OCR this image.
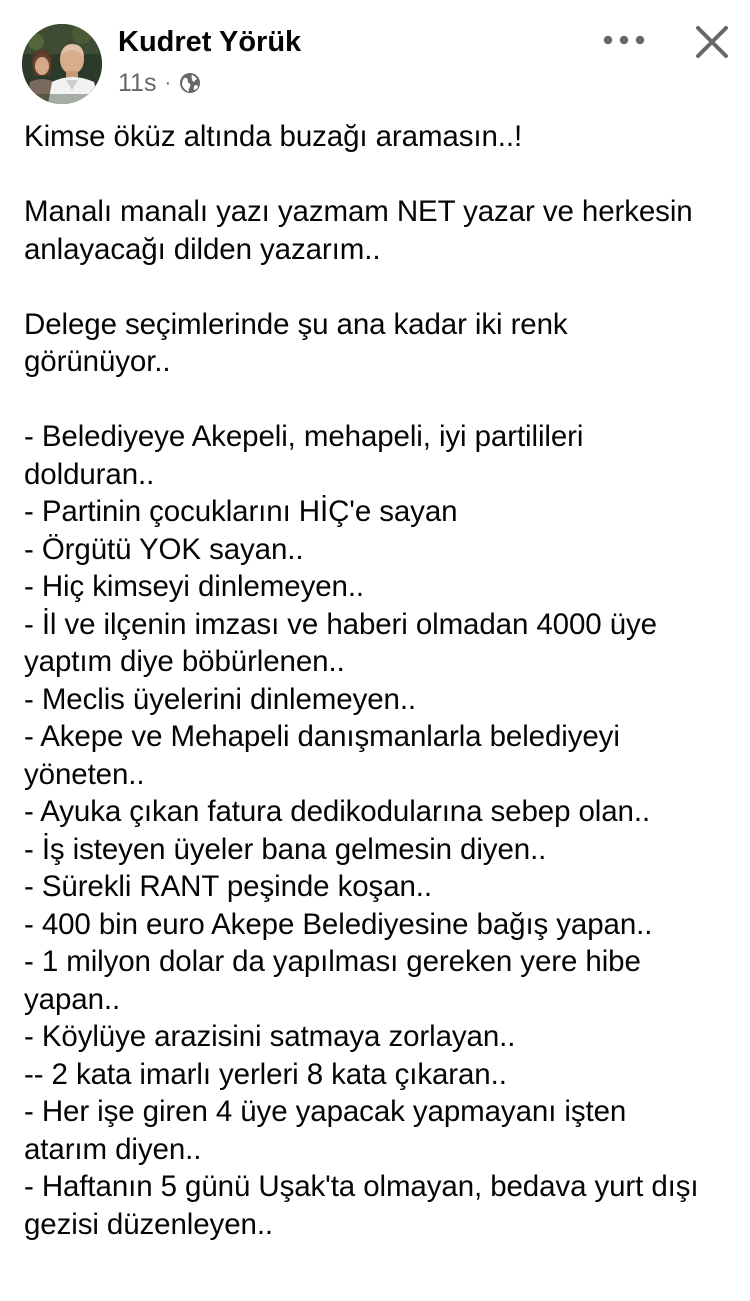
Kudret Yörük
11s ·
Kimse öküz altında buzağı aramasın..!
Manalı manalı yazı yazmam NET yazar ve herkesin
anlayacağı dilden yazarım..
Delege seçimlerinde şu ana kadar iki renk
görünüyor..
- Belediyeye Akepeli, mehapeli, iyi partilileri
dolduran..
- Partinin çocuklarını HİÇ'e sayan
- Örgütü YOK sayan..
- Hiç kimseyi dinlemeyen..
- İl ve ilçenin imzası ve haberi olmadan 4000 üye
yaptım diye böbürlenen..
- Meclis üyelerini dinlemeyen..
- Akepe ve Mehapeli danışmanlarla belediyeyi
yöneten..
- Ayuka çıkan fatura dedikodularına sebep olan..
- İş isteyen üyeler bana gelmesin diyen..
- Sürekli RANT peşinde koşan..
- 400 bin euro Akepe Belediyesine bağış yapan..
- 1 milyon dolar da yapılması gereken yere hibe
yapan..
- Köylüye arazisini satmaya zorlayan..
-- 2 kata imarlı yerleri 8 kata çıkaran..
- Her işe giren 4 üye yapacak yapmayanı işten
atarım diyen..
- Haftanın 5 günü Uşak'ta olmayan, bedava yurt dışı
gezisi düzenleyen..
